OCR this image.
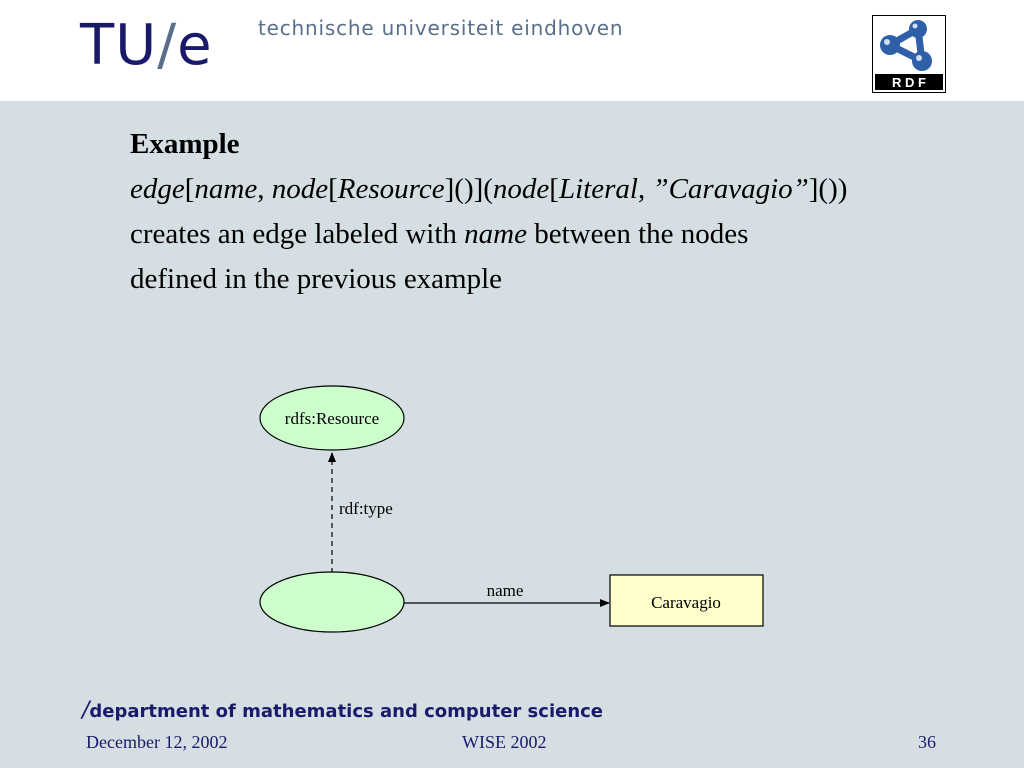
TU/e technische universiteit eindhoven
R D F

Example

edge[name, node[Resource]()](node[Literal, ”Caravagio”]())

creates an edge labeled with name between the nodes

defined in the previous example

rdfs:Resource
rdf:type
name
Caravagio
/department of mathematics and computer science
December 12, 2002	WISE 2002	36
